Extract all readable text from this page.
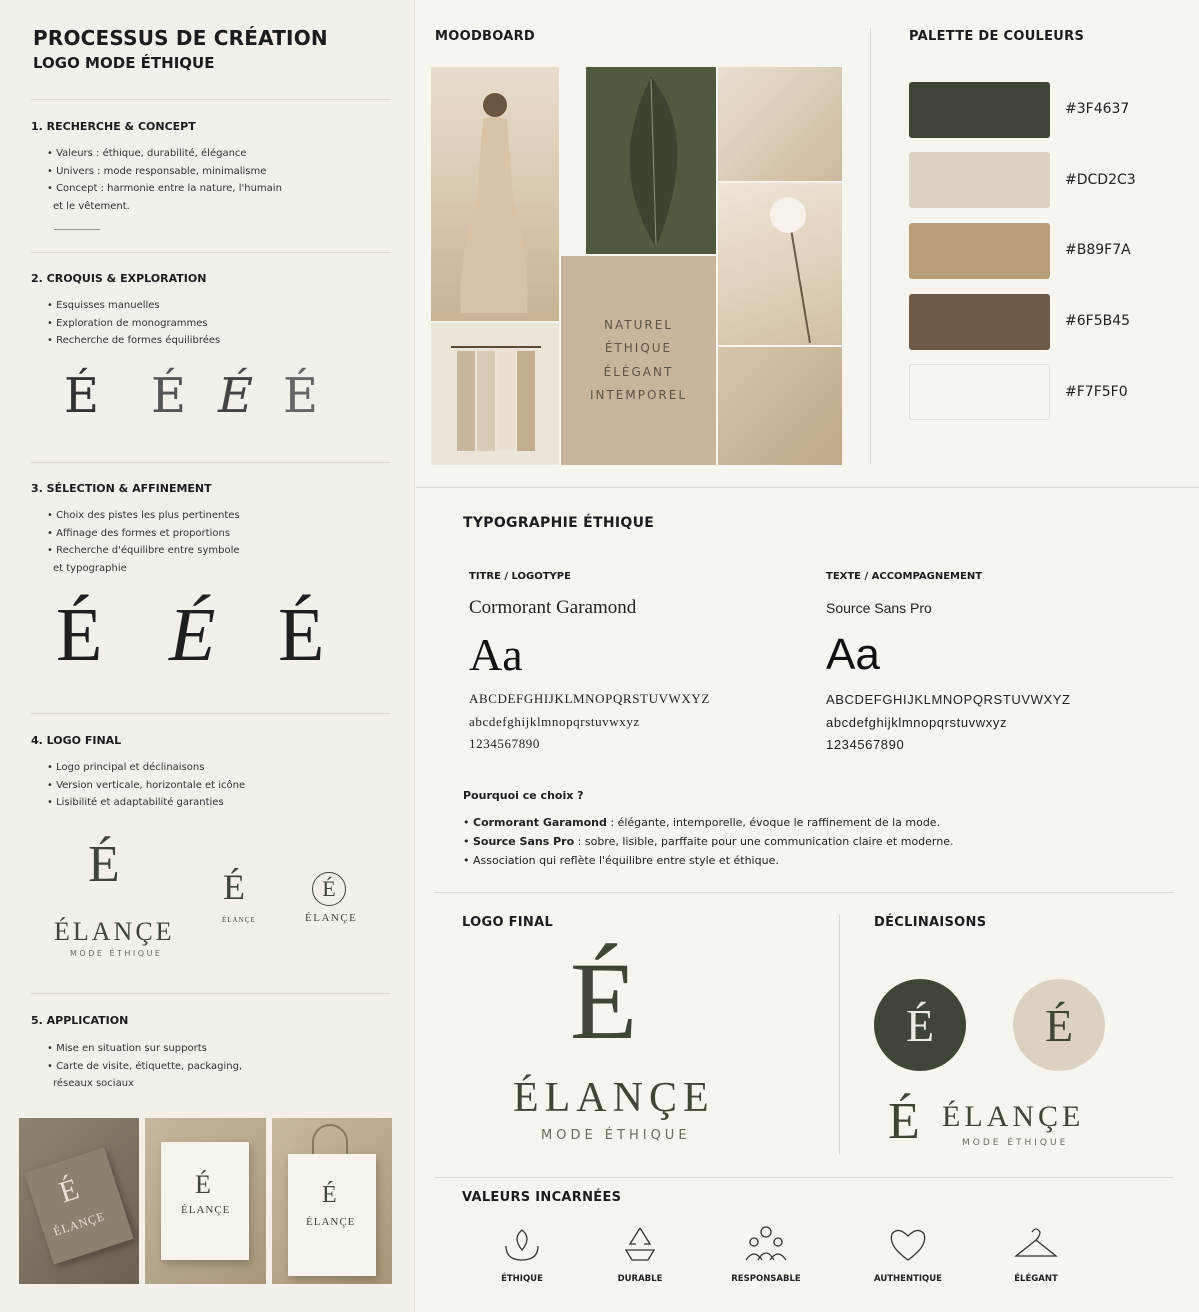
PROCESSUS DE CRÉATION
LOGO MODE ÉTHIQUE
1. RECHERCHE & CONCEPT
• Valeurs : éthique, durabilité, élégance
• Univers : mode responsable, minimalisme
• Concept : harmonie entre la nature, l'humain
et le vêtement.
2. CROQUIS & EXPLORATION
• Esquisses manuelles
• Exploration de monogrammes
• Recherche de formes équilibrées
É É É É
3. SÉLECTION & AFFINEMENT
• Choix des pistes les plus pertinentes
• Affinage des formes et proportions
• Recherche d'équilibre entre symbole
et typographie
É É É
4. LOGO FINAL
• Logo principal et déclinaisons
• Version verticale, horizontale et icône
• Lisibilité et adaptabilité garanties
É
ÉLANÇE
MODE ÉTHIQUE
É
ÉLANÇE
É
ÉLANÇE
5. APPLICATION
• Mise en situation sur supports
• Carte de visite, étiquette, packaging,
réseaux sociaux
É
ÉLANÇE
É
ÉLANÇE
É
ÉLANÇE
MOODBOARD
NATUREL
ÉTHIQUE
ÉLÉGANT
INTEMPOREL
PALETTE DE COULEURS
#3F4637
#DCD2C3
#B89F7A
#6F5B45
#F7F5F0
TYPOGRAPHIE ÉTHIQUE
TITRE / LOGOTYPE
Cormorant Garamond
Aa
ABCDEFGHIJKLMNOPQRSTUVWXYZ
abcdefghijklmnopqrstuvwxyz
1234567890
TEXTE / ACCOMPAGNEMENT
Source Sans Pro
Aa
ABCDEFGHIJKLMNOPQRSTUVWXYZ
abcdefghijklmnopqrstuvwxyz
1234567890
Pourquoi ce choix ?
• Cormorant Garamond : élégante, intemporelle, évoque le raffinement de la mode.
• Source Sans Pro : sobre, lisible, parffaite pour une communication claire et moderne.
• Association qui reflète l'équilibre entre style et éthique.
LOGO FINAL
É
ÉLANÇE
MODE ÉTHIQUE
DÉCLINAISONS
É É
É ÉLANÇE
MODE ÉTHIQUE
VALEURS INCARNÉES
ÉTHIQUE	DURABLE	RESPONSABLE	AUTHENTIQUE	ÉLÉGANT
